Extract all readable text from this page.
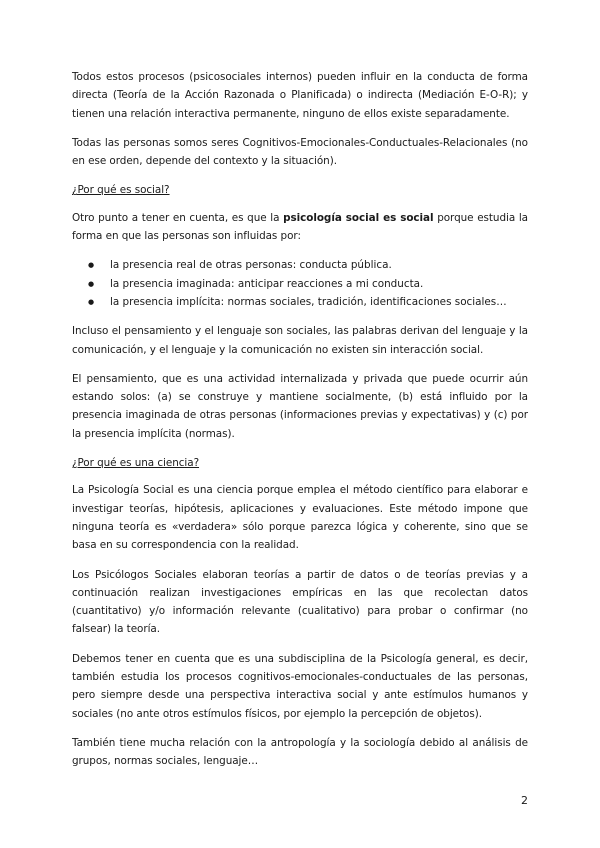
Todos estos procesos (psicosociales internos) pueden influir en la conducta de forma directa (Teoría de la Acción Razonada o Planificada) o indirecta (Mediación E-O-R); y tienen una relación interactiva permanente, ninguno de ellos existe separadamente.

Todas las personas somos seres Cognitivos-Emocionales-Conductuales-Relacionales (no en ese orden, depende del contexto y la situación).

¿Por qué es social?

Otro punto a tener en cuenta, es que la psicología social es social porque estudia la forma en que las personas son influidas por:

● la presencia real de otras personas: conducta pública.
● la presencia imaginada: anticipar reacciones a mi conducta.
● la presencia implícita: normas sociales, tradición, identificaciones sociales…

Incluso el pensamiento y el lenguaje son sociales, las palabras derivan del lenguaje y la comunicación, y el lenguaje y la comunicación no existen sin interacción social.

El pensamiento, que es una actividad internalizada y privada que puede ocurrir aún estando solos: (a) se construye y mantiene socialmente, (b) está influido por la presencia imaginada de otras personas (informaciones previas y expectativas) y (c) por la presencia implícita (normas).

¿Por qué es una ciencia?

La Psicología Social es una ciencia porque emplea el método científico para elaborar e investigar teorías, hipótesis, aplicaciones y evaluaciones. Este método impone que ninguna teoría es «verdadera» sólo porque parezca lógica y coherente, sino que se basa en su correspondencia con la realidad.

Los Psicólogos Sociales elaboran teorías a partir de datos o de teorías previas y a continuación realizan investigaciones empíricas en las que recolectan datos (cuantitativo) y/o información relevante (cualitativo) para probar o confirmar (no falsear) la teoría.

Debemos tener en cuenta que es una subdisciplina de la Psicología general, es decir, también estudia los procesos cognitivos-emocionales-conductuales de las personas, pero siempre desde una perspectiva interactiva social y ante estímulos humanos y sociales (no ante otros estímulos físicos, por ejemplo la percepción de objetos).

También tiene mucha relación con la antropología y la sociología debido al análisis de grupos, normas sociales, lenguaje…

2
